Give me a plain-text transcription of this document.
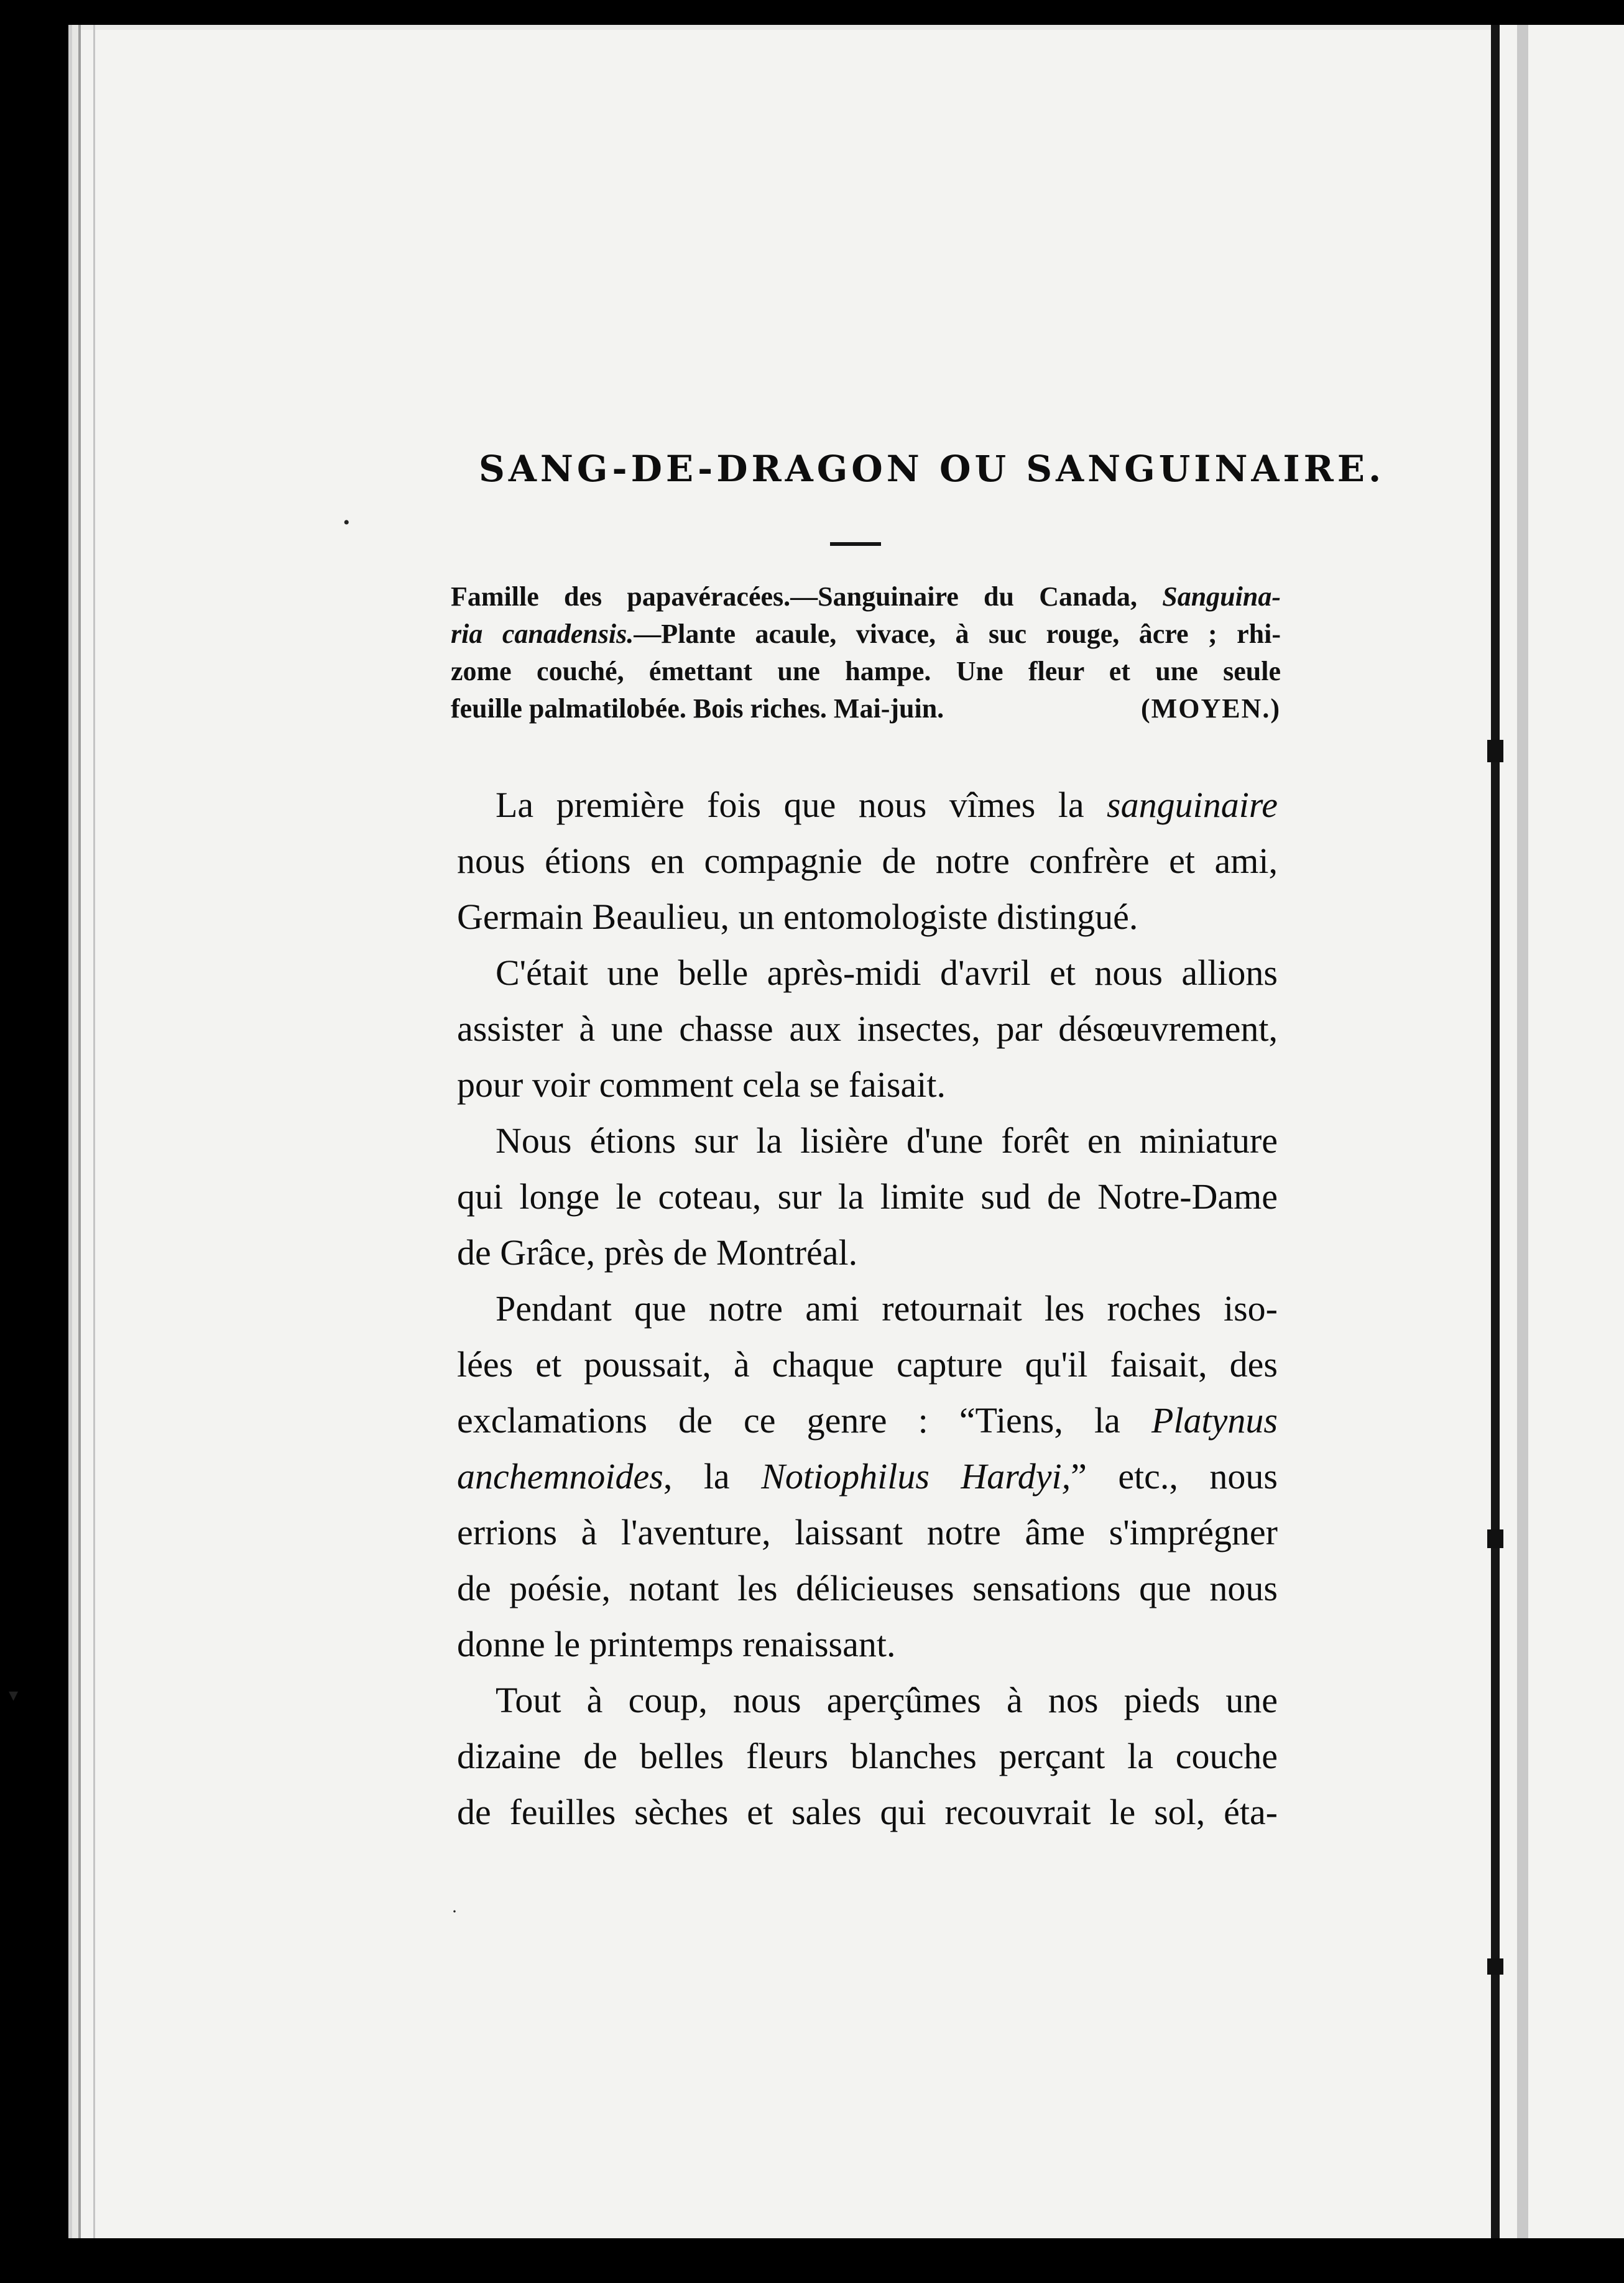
•
▾
·
SANG-DE-DRAGON OU SANGUINAIRE.
Famille des papavéracées.—Sanguinaire du Canada, Sanguina-
ria canadensis.—Plante acaule, vivace, à suc rouge, âcre ; rhi-
zome couché, émettant une hampe. Une fleur et une seule
feuille palmatilobée. Bois riches. Mai-juin.	(MOYEN.)

La première fois que nous vîmes la sanguinaire
nous étions en compagnie de notre confrère et ami,
Germain Beaulieu, un entomologiste distingué.

C'était une belle après-midi d'avril et nous allions
assister à une chasse aux insectes, par désœuvrement,
pour voir comment cela se faisait.

Nous étions sur la lisière d'une forêt en miniature
qui longe le coteau, sur la limite sud de Notre-Dame
de Grâce, près de Montréal.

Pendant que notre ami retournait les roches iso-
lées et poussait, à chaque capture qu'il faisait, des
exclamations de ce genre : “Tiens, la Platynus
anchemnoides, la Notiophilus Hardyi,” etc., nous
errions à l'aventure, laissant notre âme s'imprégner
de poésie, notant les délicieuses sensations que nous
donne le printemps renaissant.

Tout à coup, nous aperçûmes à nos pieds une
dizaine de belles fleurs blanches perçant la couche
de feuilles sèches et sales qui recouvrait le sol, éta-
